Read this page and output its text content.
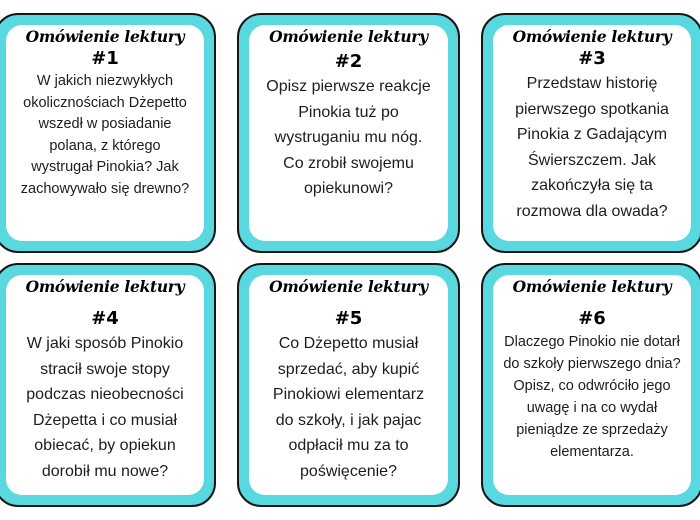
Omówienie lektury
#1
W jakich niezwykłych
okolicznościach Dżepetto
wszedł w posiadanie
polana, z którego
wystrugał Pinokia? Jak
zachowywało się drewno?
Omówienie lektury
#2
Opisz pierwsze reakcje
Pinokia tuż po
wystruganiu mu nóg.
Co zrobił swojemu
opiekunowi?
Omówienie lektury
#3
Przedstaw historię
pierwszego spotkania
Pinokia z Gadającym
Świerszczem. Jak
zakończyła się ta
rozmowa dla owada?
Omówienie lektury
#4
W jaki sposób Pinokio
stracił swoje stopy
podczas nieobecności
Dżepetta i co musiał
obiecać, by opiekun
dorobił mu nowe?
Omówienie lektury
#5
Co Dżepetto musiał
sprzedać, aby kupić
Pinokiowi elementarz
do szkoły, i jak pajac
odpłacił mu za to
poświęcenie?
Omówienie lektury
#6
Dlaczego Pinokio nie dotarł
do szkoły pierwszego dnia?
Opisz, co odwróciło jego
uwagę i na co wydał
pieniądze ze sprzedaży
elementarza.
